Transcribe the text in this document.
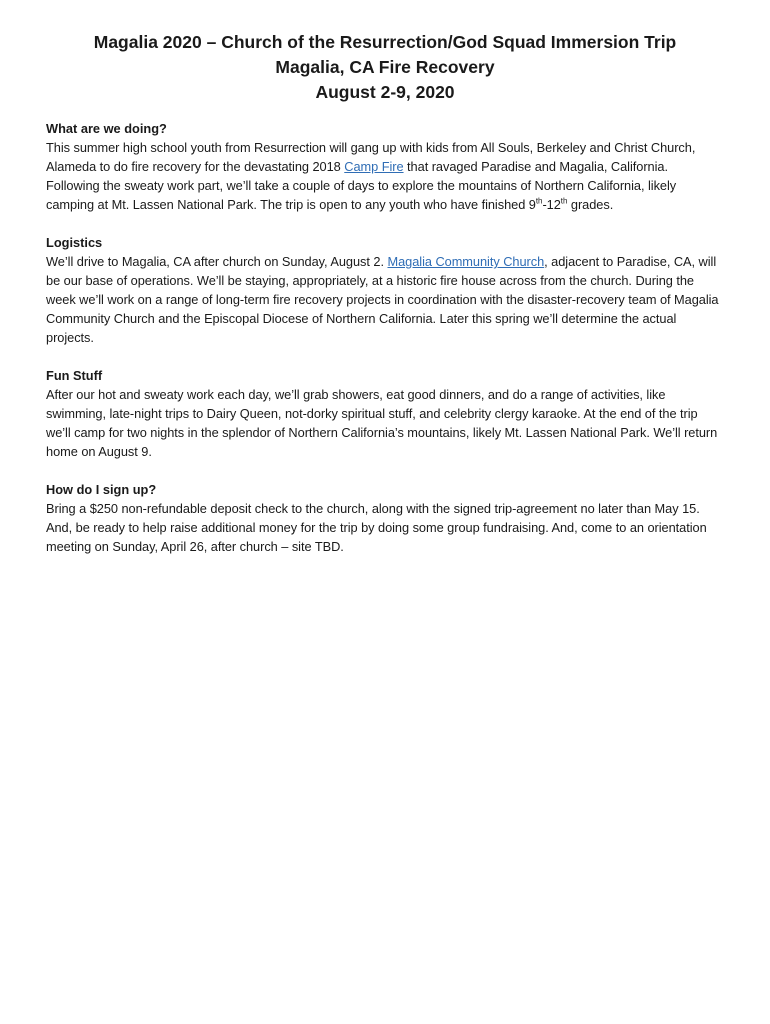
Magalia 2020 – Church of the Resurrection/God Squad Immersion Trip
Magalia, CA Fire Recovery
August 2-9, 2020
What are we doing?
This summer high school youth from Resurrection will gang up with kids from All Souls, Berkeley and Christ Church, Alameda to do fire recovery for the devastating 2018 Camp Fire that ravaged Paradise and Magalia, California. Following the sweaty work part, we’ll take a couple of days to explore the mountains of Northern California, likely camping at Mt. Lassen National Park. The trip is open to any youth who have finished 9th-12th grades.
Logistics
We’ll drive to Magalia, CA after church on Sunday, August 2. Magalia Community Church, adjacent to Paradise, CA, will be our base of operations. We’ll be staying, appropriately, at a historic fire house across from the church. During the week we’ll work on a range of long-term fire recovery projects in coordination with the disaster-recovery team of Magalia Community Church and the Episcopal Diocese of Northern California. Later this spring we’ll determine the actual projects.
Fun Stuff
After our hot and sweaty work each day, we’ll grab showers, eat good dinners, and do a range of activities, like swimming, late-night trips to Dairy Queen, not-dorky spiritual stuff, and celebrity clergy karaoke. At the end of the trip we’ll camp for two nights in the splendor of Northern California’s mountains, likely Mt. Lassen National Park. We’ll return home on August 9.
How do I sign up?
Bring a $250 non-refundable deposit check to the church, along with the signed trip-agreement no later than May 15. And, be ready to help raise additional money for the trip by doing some group fundraising. And, come to an orientation meeting on Sunday, April 26, after church – site TBD.
